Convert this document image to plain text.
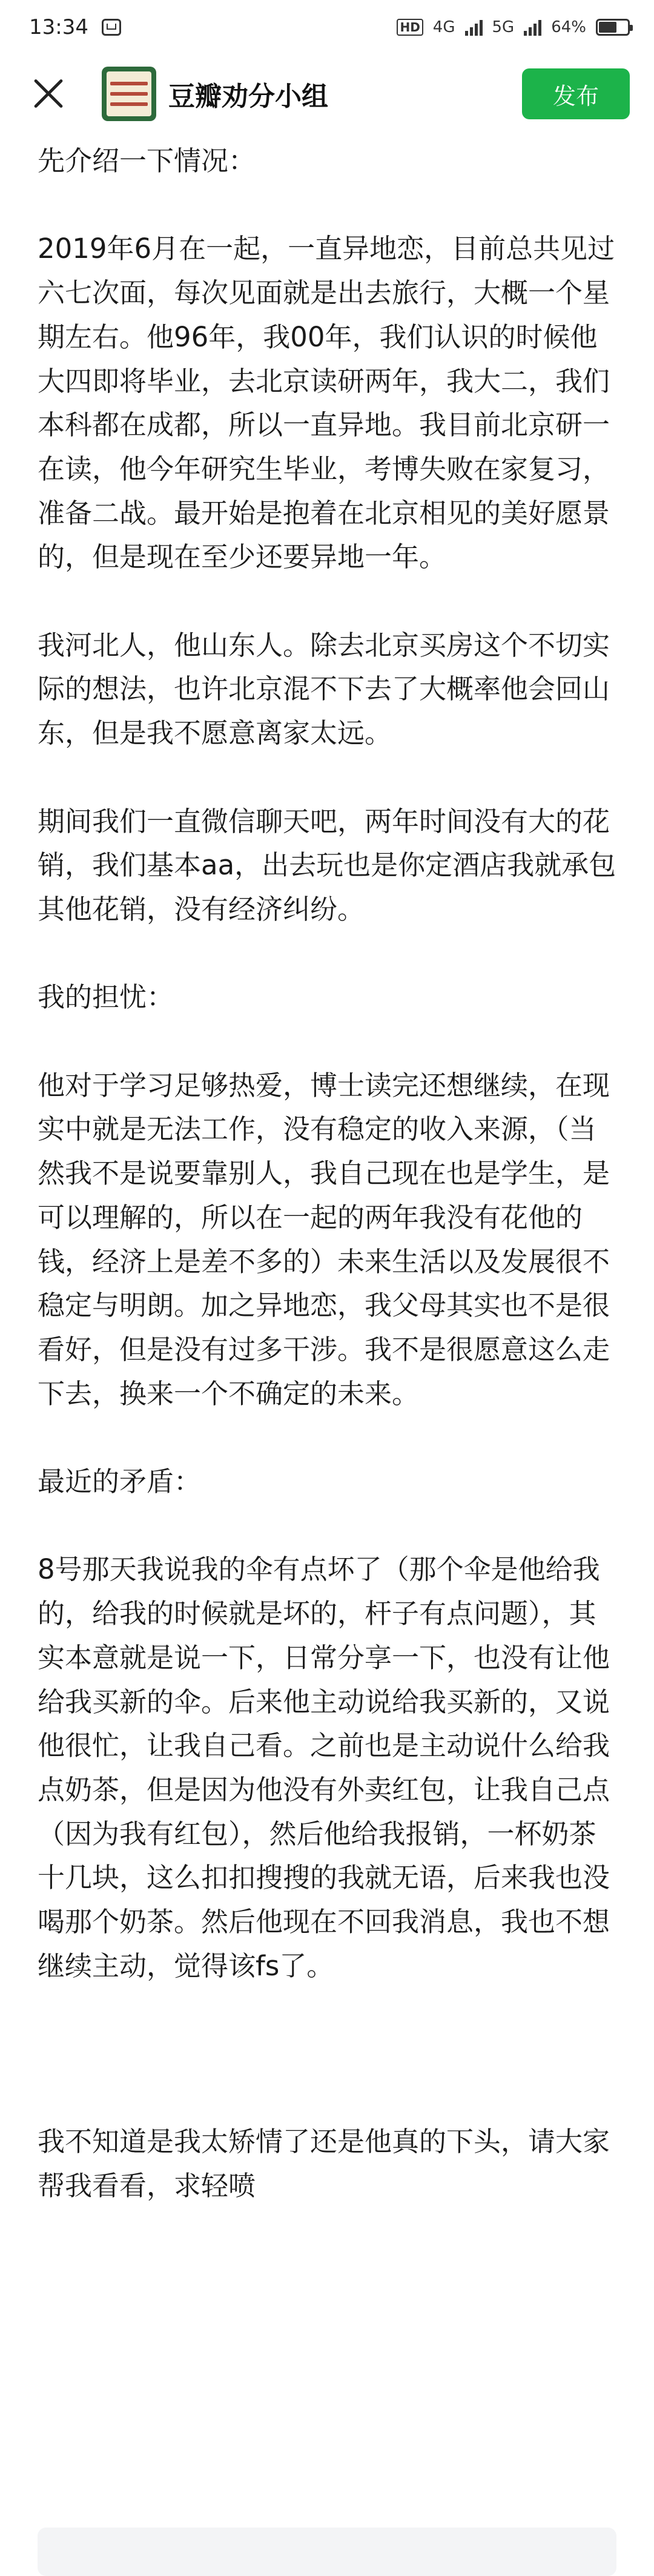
13:34	HD 4G 5G 64%
豆瓣劝分小组	发布

先介绍一下情况：

2019年6月在一起，一直异地恋，目前总共见过六七次面，每次见面就是出去旅行，大概一个星期左右。他96年，我00年，我们认识的时候他大四即将毕业，去北京读研两年，我大二，我们本科都在成都，所以一直异地。我目前北京研一在读，他今年研究生毕业，考博失败在家复习，准备二战。最开始是抱着在北京相见的美好愿景的，但是现在至少还要异地一年。

我河北人，他山东人。除去北京买房这个不切实际的想法，也许北京混不下去了大概率他会回山东，但是我不愿意离家太远。

期间我们一直微信聊天吧，两年时间没有大的花销，我们基本aa，出去玩也是你定酒店我就承包其他花销，没有经济纠纷。

我的担忧：

他对于学习足够热爱，博士读完还想继续，在现实中就是无法工作，没有稳定的收入来源，（当然我不是说要靠别人，我自己现在也是学生，是可以理解的，所以在一起的两年我没有花他的钱，经济上是差不多的）未来生活以及发展很不稳定与明朗。加之异地恋，我父母其实也不是很看好，但是没有过多干涉。我不是很愿意这么走下去，换来一个不确定的未来。

最近的矛盾：

8号那天我说我的伞有点坏了（那个伞是他给我的，给我的时候就是坏的，杆子有点问题），其实本意就是说一下，日常分享一下，也没有让他给我买新的伞。后来他主动说给我买新的，又说他很忙，让我自己看。之前也是主动说什么给我点奶茶，但是因为他没有外卖红包，让我自己点（因为我有红包），然后他给我报销，一杯奶茶十几块，这么扣扣搜搜的我就无语，后来我也没喝那个奶茶。然后他现在不回我消息，我也不想继续主动，觉得该fs了。

我不知道是我太矫情了还是他真的下头，请大家帮我看看，求轻喷
